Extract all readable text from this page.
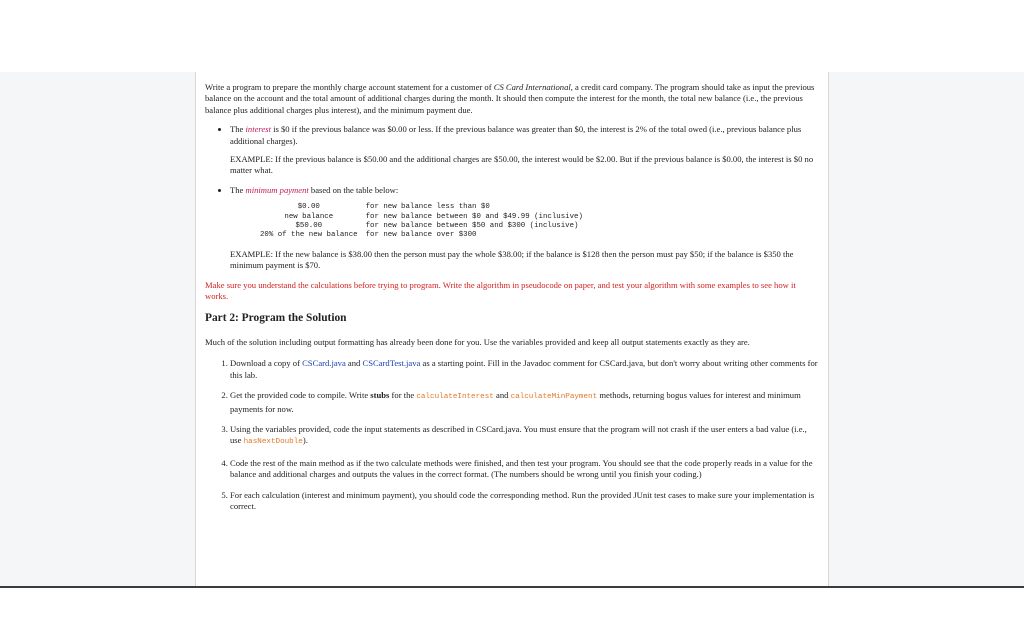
Write a program to prepare the monthly charge account statement for a customer of CS Card International, a credit card company. The program should take as input the previous balance on the account and the total amount of additional charges during the month. It should then compute the interest for the month, the total new balance (i.e., the previous balance plus additional charges plus interest), and the minimum payment due.

• The interest is $0 if the previous balance was $0.00 or less. If the previous balance was greater than $0, the interest is 2% of the total owed (i.e., previous balance plus additional charges).

EXAMPLE: If the previous balance is $50.00 and the additional charges are $50.00, the interest would be $2.00. But if the previous balance is $0.00, the interest is $0 no matter what.

• The minimum payment based on the table below:

$0.00	for new balance less than $0
new balance	for new balance between $0 and $49.99 (inclusive)
$50.00	for new balance between $50 and $300 (inclusive)
20% of the new balance	for new balance over $300

EXAMPLE: If the new balance is $38.00 then the person must pay the whole $38.00; if the balance is $128 then the person must pay $50; if the balance is $350 the minimum payment is $70.

Make sure you understand the calculations before trying to program. Write the algorithm in pseudocode on paper, and test your algorithm with some examples to see how it works.

Part 2: Program the Solution

Much of the solution including output formatting has already been done for you. Use the variables provided and keep all output statements exactly as they are.

1. Download a copy of CSCard.java and CSCardTest.java as a starting point. Fill in the Javadoc comment for CSCard.java, but don't worry about writing other comments for this lab.
2. Get the provided code to compile. Write stubs for the calculateInterest and calculateMinPayment methods, returning bogus values for interest and minimum payments for now.
3. Using the variables provided, code the input statements as described in CSCard.java. You must ensure that the program will not crash if the user enters a bad value (i.e., use hasNextDouble).
4. Code the rest of the main method as if the two calculate methods were finished, and then test your program. You should see that the code properly reads in a value for the balance and additional charges and outputs the values in the correct format. (The numbers should be wrong until you finish your coding.)
5. For each calculation (interest and minimum payment), you should code the corresponding method. Run the provided JUnit test cases to make sure your implementation is correct.
